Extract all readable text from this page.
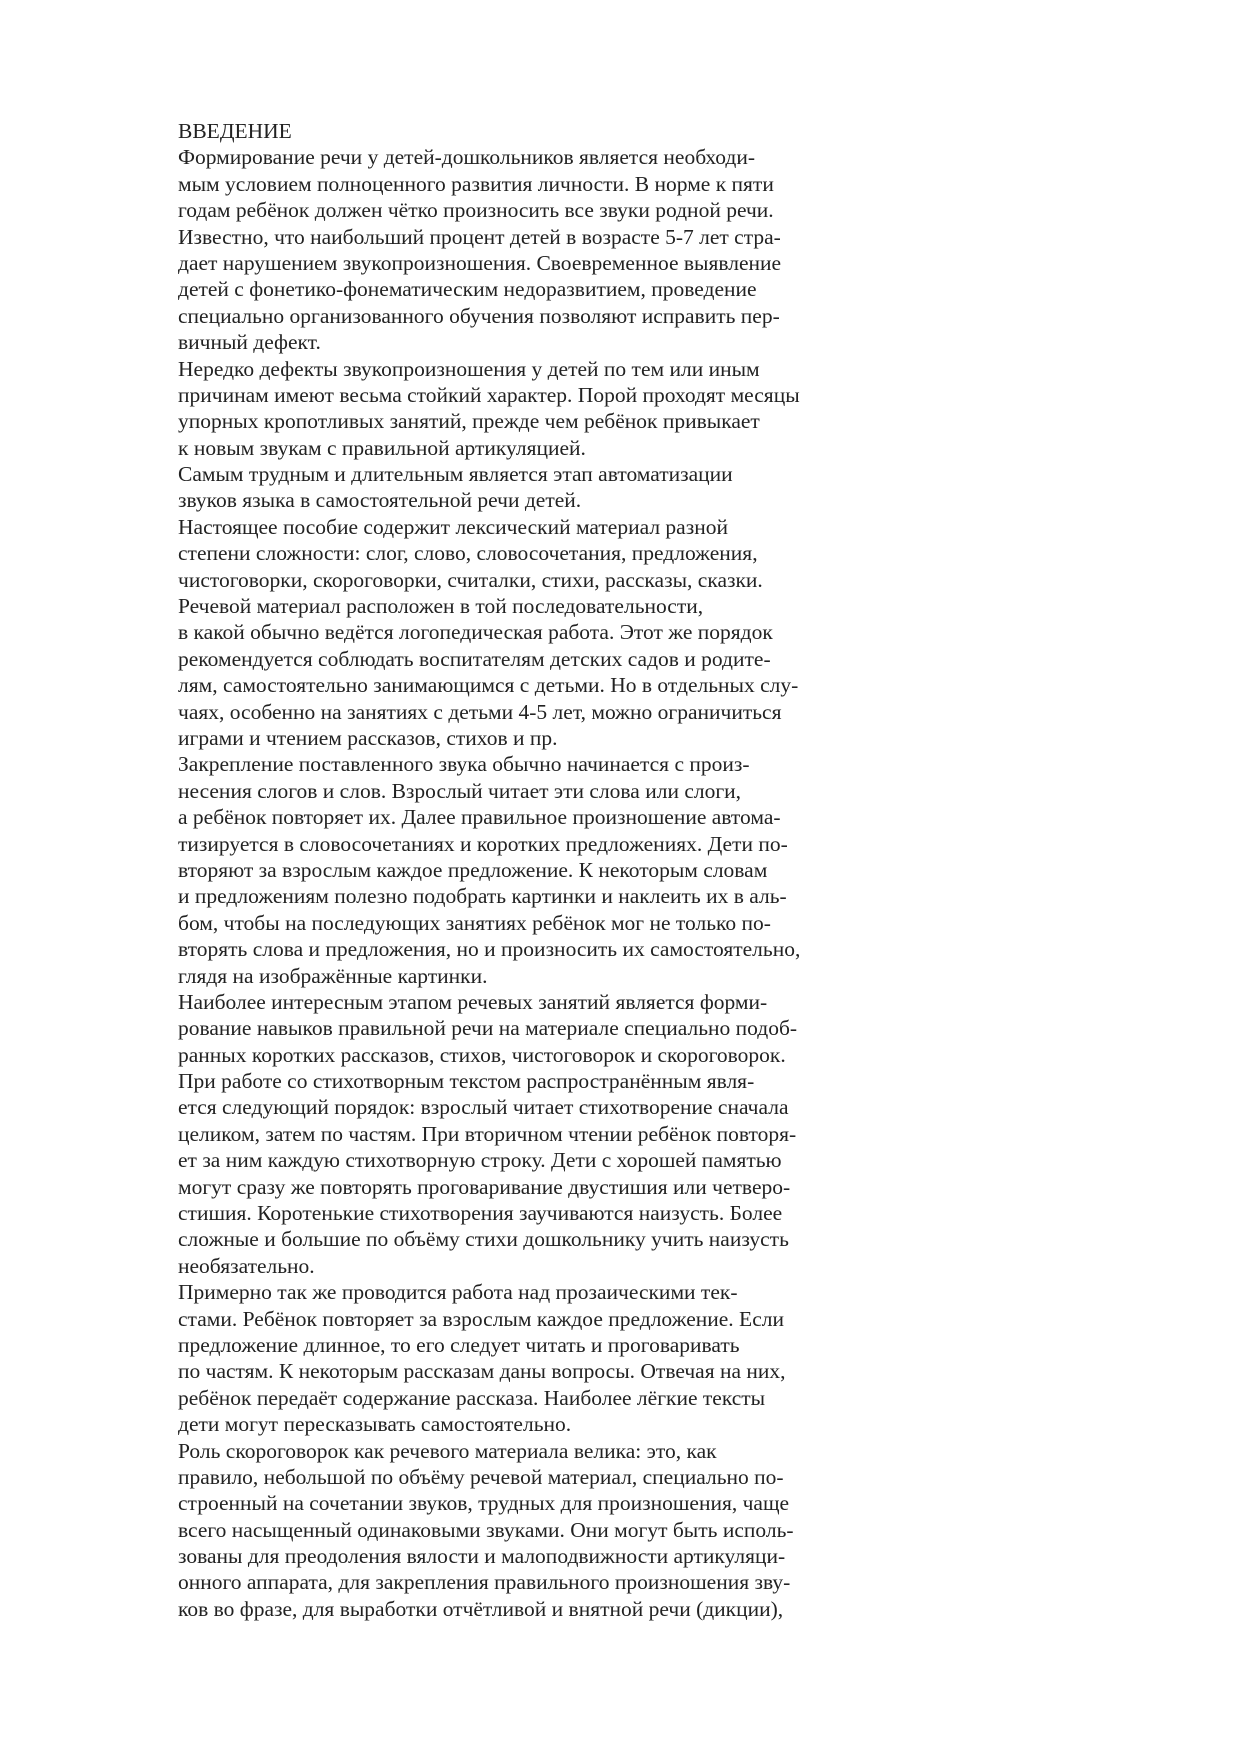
ВВЕДЕНИЕ
Формирование речи у детей-дошкольников является необходи-
мым условием полноценного развития личности. В норме к пяти
годам ребёнок должен чётко произносить все звуки родной речи.
Известно, что наибольший процент детей в возрасте 5-7 лет стра-
дает нарушением звукопроизношения. Своевременное выявление
детей с фонетико-фонематическим недоразвитием, проведение
специально организованного обучения позволяют исправить пер-
вичный дефект.
Нередко дефекты звукопроизношения у детей по тем или иным
причинам имеют весьма стойкий характер. Порой проходят месяцы
упорных кропотливых занятий, прежде чем ребёнок привыкает
к новым звукам с правильной артикуляцией.
Самым трудным и длительным является этап автоматизации
звуков языка в самостоятельной речи детей.
Настоящее пособие содержит лексический материал разной
степени сложности: слог, слово, словосочетания, предложения,
чистоговорки, скороговорки, считалки, стихи, рассказы, сказки.
Речевой материал расположен в той последовательности,
в какой обычно ведётся логопедическая работа. Этот же порядок
рекомендуется соблюдать воспитателям детских садов и родите-
лям, самостоятельно занимающимся с детьми. Но в отдельных слу-
чаях, особенно на занятиях с детьми 4-5 лет, можно ограничиться
играми и чтением рассказов, стихов и пр.
Закрепление поставленного звука обычно начинается с произ-
несения слогов и слов. Взрослый читает эти слова или слоги,
а ребёнок повторяет их. Далее правильное произношение автома-
тизируется в словосочетаниях и коротких предложениях. Дети по-
вторяют за взрослым каждое предложение. К некоторым словам
и предложениям полезно подобрать картинки и наклеить их в аль-
бом, чтобы на последующих занятиях ребёнок мог не только по-
вторять слова и предложения, но и произносить их самостоятельно,
глядя на изображённые картинки.
Наиболее интересным этапом речевых занятий является форми-
рование навыков правильной речи на материале специально подоб-
ранных коротких рассказов, стихов, чистоговорок и скороговорок.
При работе со стихотворным текстом распространённым явля-
ется следующий порядок: взрослый читает стихотворение сначала
целиком, затем по частям. При вторичном чтении ребёнок повторя-
ет за ним каждую стихотворную строку. Дети с хорошей памятью
могут сразу же повторять проговаривание двустишия или четверо-
стишия. Коротенькие стихотворения заучиваются наизусть. Более
сложные и большие по объёму стихи дошкольнику учить наизусть
необязательно.
Примерно так же проводится работа над прозаическими тек-
стами. Ребёнок повторяет за взрослым каждое предложение. Если
предложение длинное, то его следует читать и проговаривать
по частям. К некоторым рассказам даны вопросы. Отвечая на них,
ребёнок передаёт содержание рассказа. Наиболее лёгкие тексты
дети могут пересказывать самостоятельно.
Роль скороговорок как речевого материала велика: это, как
правило, небольшой по объёму речевой материал, специально по-
строенный на сочетании звуков, трудных для произношения, чаще
всего насыщенный одинаковыми звуками. Они могут быть исполь-
зованы для преодоления вялости и малоподвижности артикуляци-
онного аппарата, для закрепления правильного произношения зву-
ков во фразе, для выработки отчётливой и внятной речи (дикции),
